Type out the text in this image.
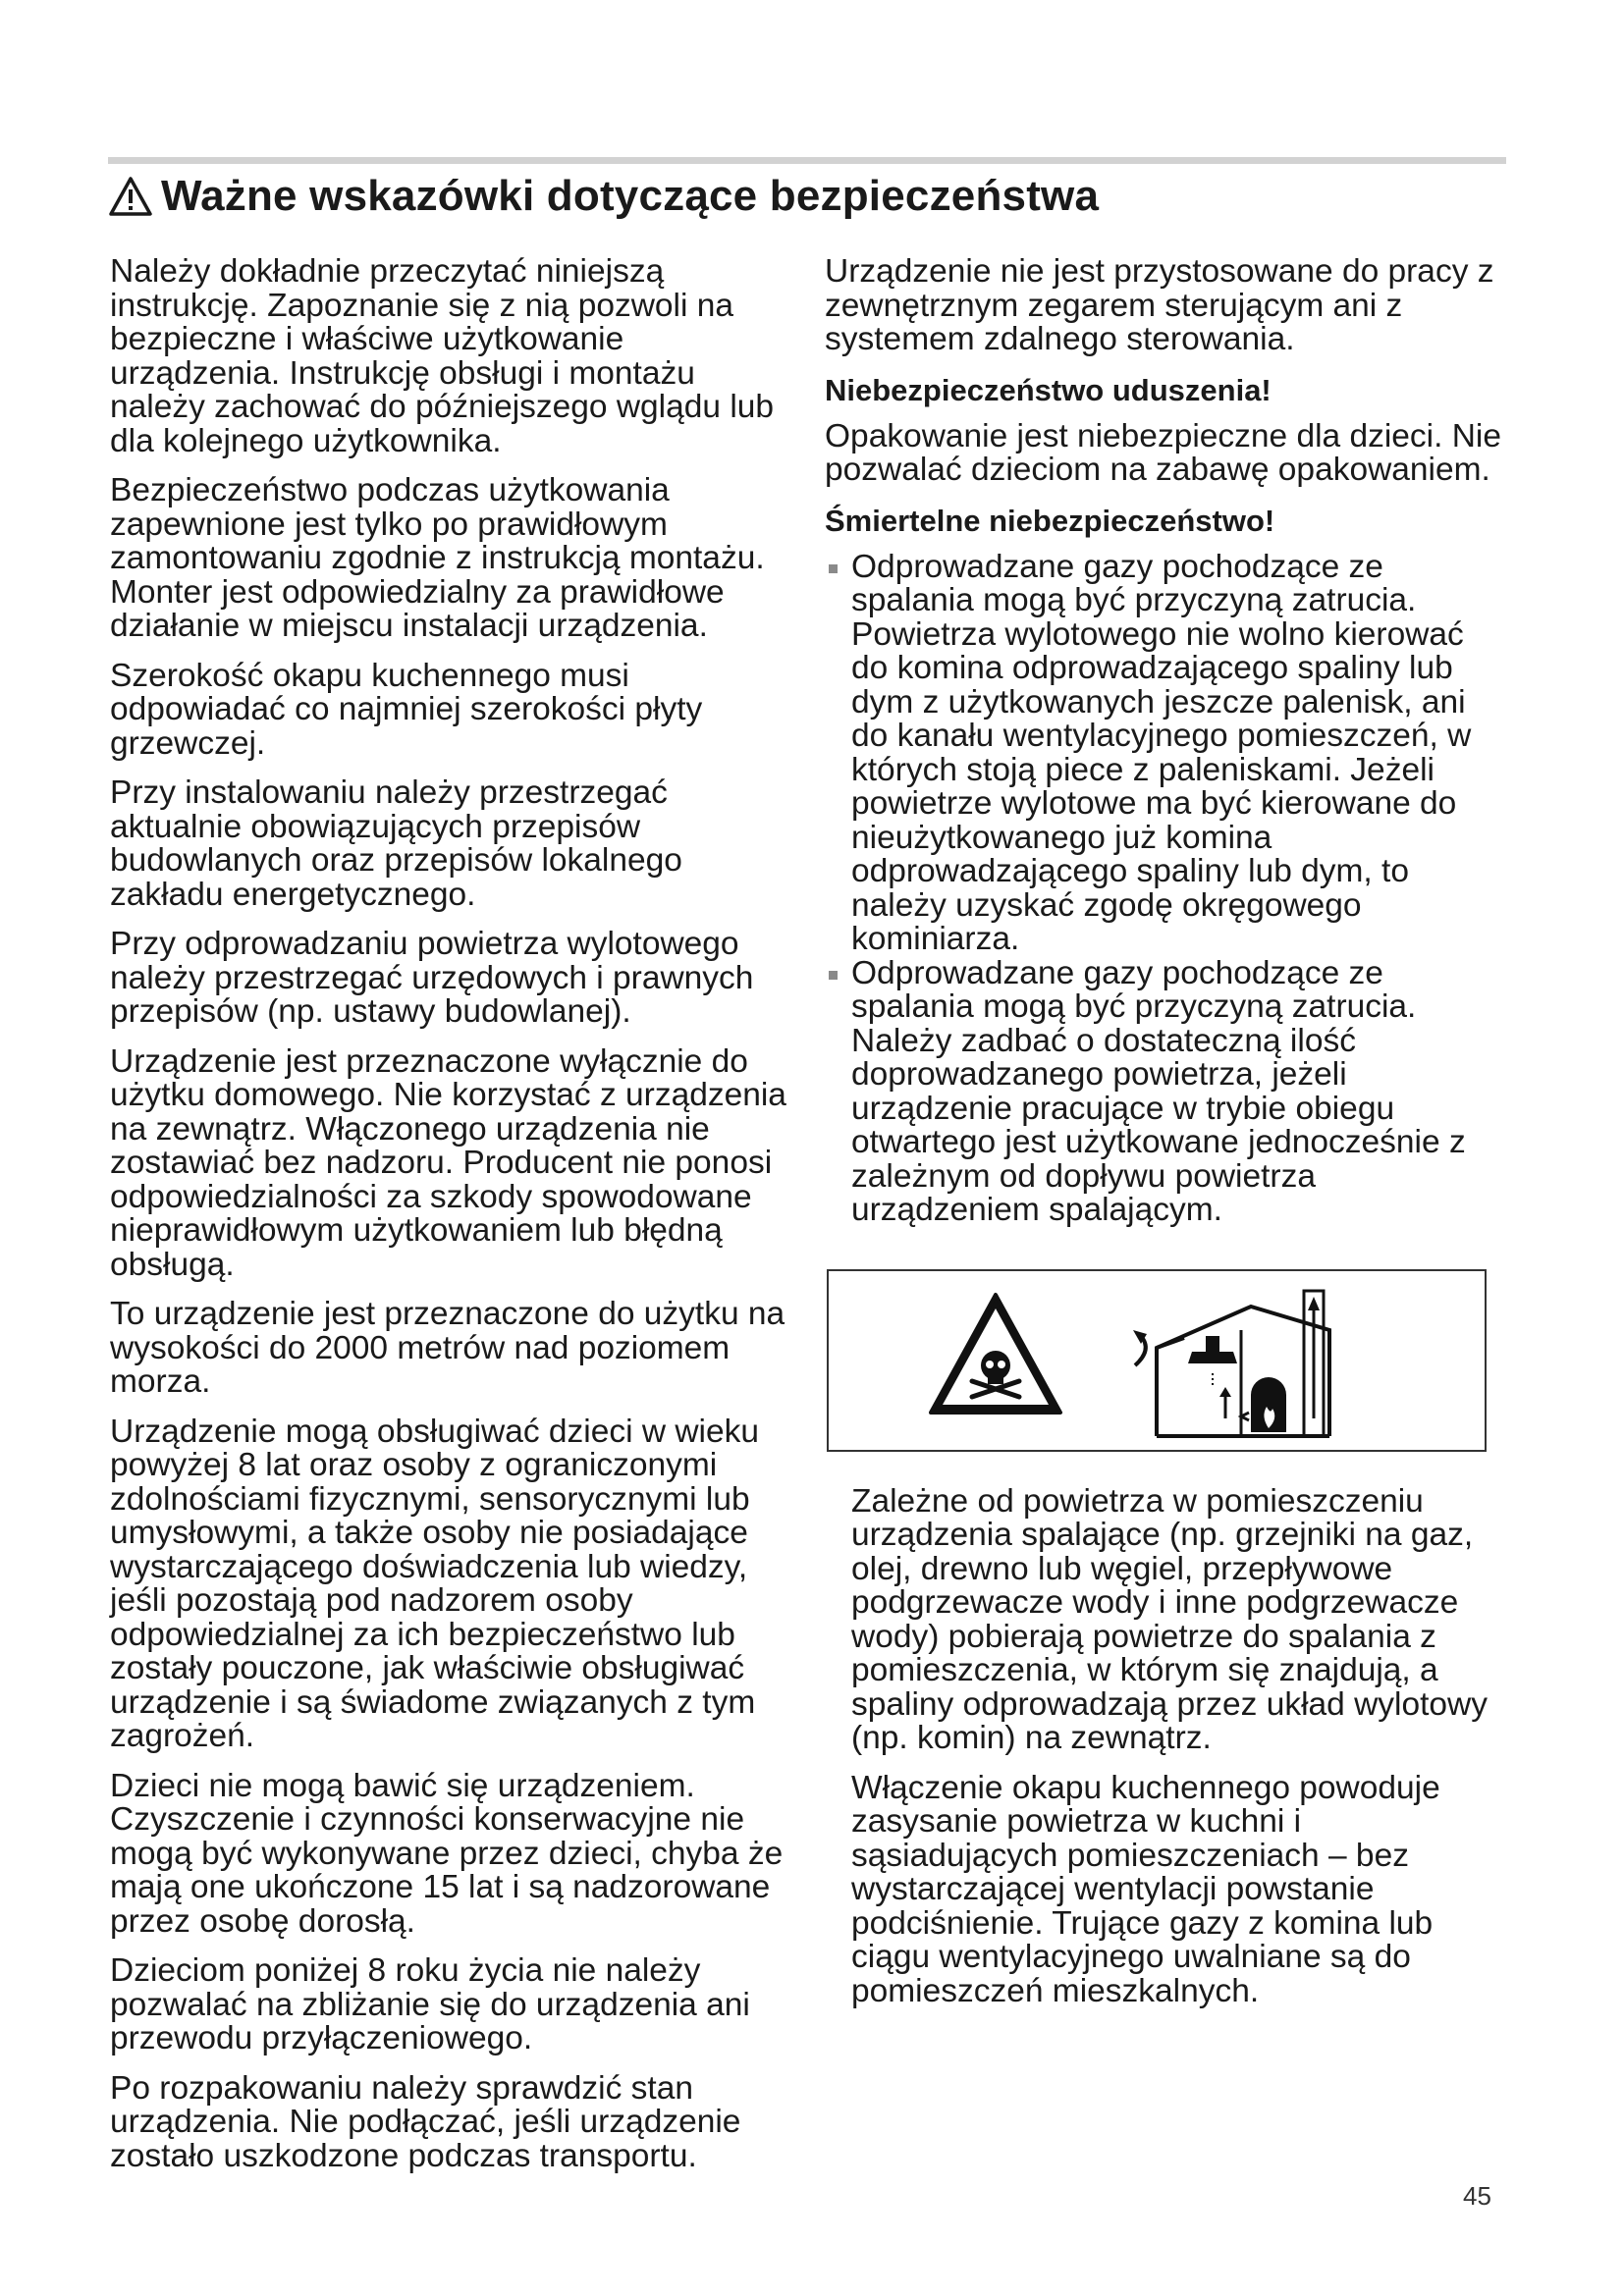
Ważne wskazówki dotyczące bezpieczeństwa

Należy dokładnie przeczytać niniejszą instrukcję. Zapoznanie się z nią pozwoli na bezpieczne i właściwe użytkowanie urządzenia. Instrukcję obsługi i montażu należy zachować do późniejszego wglądu lub dla kolejnego użytkownika.

Bezpieczeństwo podczas użytkowania zapewnione jest tylko po prawidłowym zamontowaniu zgodnie z instrukcją montażu. Monter jest odpowiedzialny za prawidłowe działanie w miejscu instalacji urządzenia.

Szerokość okapu kuchennego musi odpowiadać co najmniej szerokości płyty grzewczej.

Przy instalowaniu należy przestrzegać aktualnie obowiązujących przepisów budowlanych oraz przepisów lokalnego zakładu energetycznego.

Przy odprowadzaniu powietrza wylotowego należy przestrzegać urzędowych i prawnych przepisów (np. ustawy budowlanej).

Urządzenie jest przeznaczone wyłącznie do użytku domowego. Nie korzystać z urządzenia na zewnątrz. Włączonego urządzenia nie zostawiać bez nadzoru. Producent nie ponosi odpowiedzialności za szkody spowodowane nieprawidłowym użytkowaniem lub błędną obsługą.

To urządzenie jest przeznaczone do użytku na wysokości do 2000 metrów nad poziomem morza.

Urządzenie mogą obsługiwać dzieci w wieku powyżej 8 lat oraz osoby z ograniczonymi zdolnościami fizycznymi, sensorycznymi lub umysłowymi, a także osoby nie posiadające wystarczającego doświadczenia lub wiedzy, jeśli pozostają pod nadzorem osoby odpowiedzialnej za ich bezpieczeństwo lub zostały pouczone, jak właściwie obsługiwać urządzenie i są świadome związanych z tym zagrożeń.

Dzieci nie mogą bawić się urządzeniem. Czyszczenie i czynności konserwacyjne nie mogą być wykonywane przez dzieci, chyba że mają one ukończone 15 lat i są nadzorowane przez osobę dorosłą.

Dzieciom poniżej 8 roku życia nie należy pozwalać na zbliżanie się do urządzenia ani przewodu przyłączeniowego.

Po rozpakowaniu należy sprawdzić stan urządzenia. Nie podłączać, jeśli urządzenie zostało uszkodzone podczas transportu.

Urządzenie nie jest przystosowane do pracy z zewnętrznym zegarem sterującym ani z systemem zdalnego sterowania.

Niebezpieczeństwo uduszenia!

Opakowanie jest niebezpieczne dla dzieci. Nie pozwalać dzieciom na zabawę opakowaniem.

Śmiertelne niebezpieczeństwo!

Odprowadzane gazy pochodzące ze spalania mogą być przyczyną zatrucia. Powietrza wylotowego nie wolno kierować do komina odprowadzającego spaliny lub dym z użytkowanych jeszcze palenisk, ani do kanału wentylacyjnego pomieszczeń, w których stoją piece z paleniskami. Jeżeli powietrze wylotowe ma być kierowane do nieużytkowanego już komina odprowadzającego spaliny lub dym, to należy uzyskać zgodę okręgowego kominiarza.

Odprowadzane gazy pochodzące ze spalania mogą być przyczyną zatrucia.

Należy zadbać o dostateczną ilość doprowadzanego powietrza, jeżeli urządzenie pracujące w trybie obiegu otwartego jest użytkowane jednocześnie z zależnym od dopływu powietrza urządzeniem spalającym.

Zależne od powietrza w pomieszczeniu urządzenia spalające (np. grzejniki na gaz, olej, drewno lub węgiel, przepływowe podgrzewacze wody i inne podgrzewacze wody) pobierają powietrze do spalania z pomieszczenia, w którym się znajdują, a spaliny odprowadzają przez układ wylotowy (np. komin) na zewnątrz.

Włączenie okapu kuchennego powoduje zasysanie powietrza w kuchni i sąsiadujących pomieszczeniach – bez wystarczającej wentylacji powstanie podciśnienie. Trujące gazy z komina lub ciągu wentylacyjnego uwalniane są do pomieszczeń mieszkalnych.

45
